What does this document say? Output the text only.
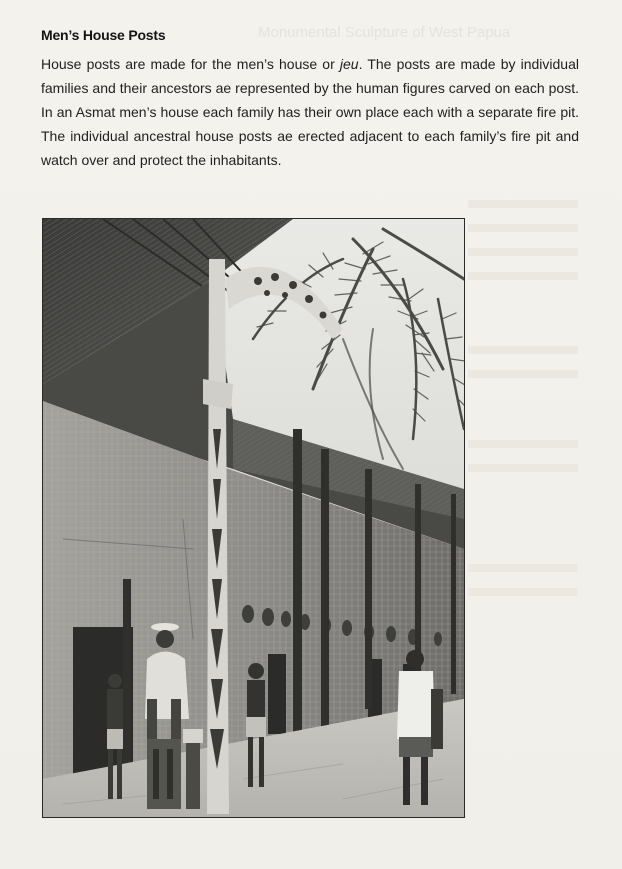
Monumental Sculpture of West Papua
Men’s House Posts

House posts are made for the men’s house or jeu. The posts are made by individual families and their ancestors ae represented by the human figures carved on each post. In an Asmat men’s house each family has their own place each with a separate fire pit. The individual ancestral house posts ae erected adjacent to each family’s fire pit and watch over and protect the inhabitants.
